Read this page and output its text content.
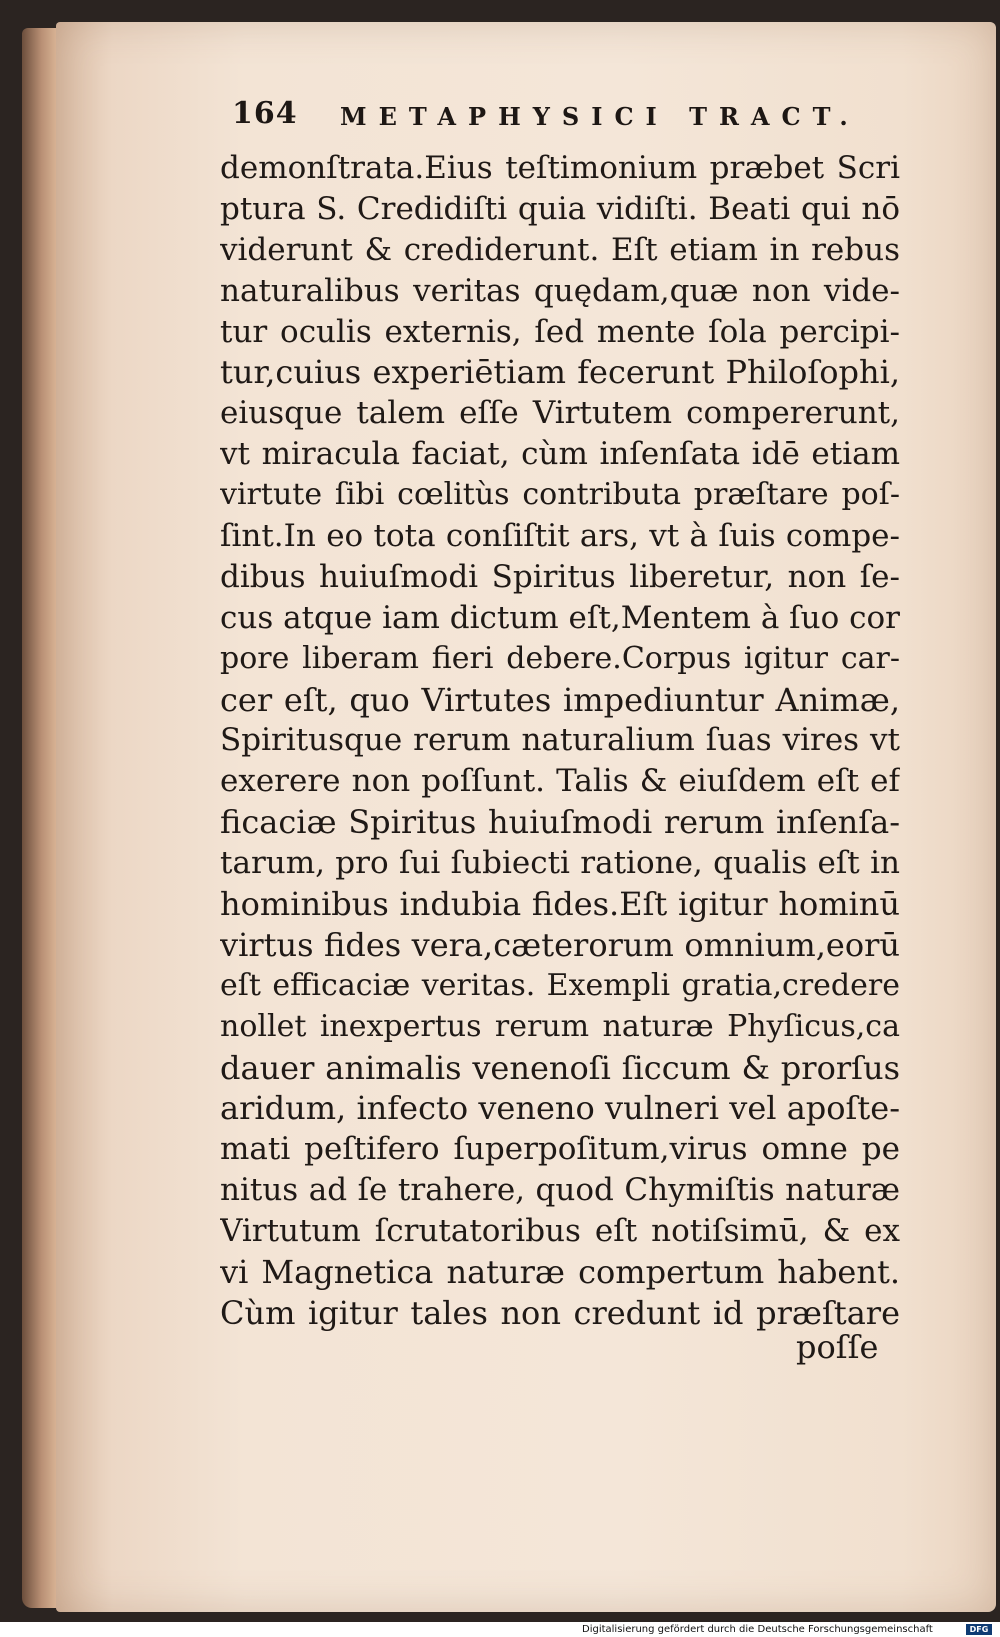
164 METAPHYSICI TRACT.
demonſtrata.Eius teſtimonium præbet Scri
ptura S. Credidiſti quia vidiſti. Beati qui nō
viderunt & crediderunt. Eſt etiam in rebus
naturalibus veritas quędam,quæ non vide-
tur oculis externis, ſed mente ſola percipi-
tur,cuius experiētiam fecerunt Philoſophi,
eiusque talem eſſe Virtutem compererunt,
vt miracula faciat, cùm inſenſata idē etiam
virtute ſibi cœlitùs contributa præſtare poſ-
ſint.In eo tota conſiſtit ars, vt à ſuis compe-
dibus huiuſmodi Spiritus liberetur, non ſe-
cus atque iam dictum eſt,Mentem à ſuo cor
pore liberam fieri debere.Corpus igitur car-
cer eſt, quo Virtutes impediuntur Animæ,
Spiritusque rerum naturalium ſuas vires vt
exerere non poſſunt. Talis & eiuſdem eſt ef
ficaciæ Spiritus huiuſmodi rerum inſenſa-
tarum, pro ſui ſubiecti ratione, qualis eſt in
hominibus indubia fides.Eſt igitur hominū
virtus fides vera,cæterorum omnium,eorū
eſt efficaciæ veritas. Exempli gratia,credere
nollet inexpertus rerum naturæ Phyſicus,ca
dauer animalis venenoſi ſiccum & prorſus
aridum, infecto veneno vulneri vel apoſte-
mati peſtifero ſuperpoſitum,virus omne pe
nitus ad ſe trahere, quod Chymiſtis naturæ
Virtutum ſcrutatoribus eſt notiſsimū, & ex
vi Magnetica naturæ compertum habent.
Cùm igitur tales non credunt id præſtare
poſſe
Digitalisierung gefördert durch die Deutsche Forschungsgemeinschaft	DFG
